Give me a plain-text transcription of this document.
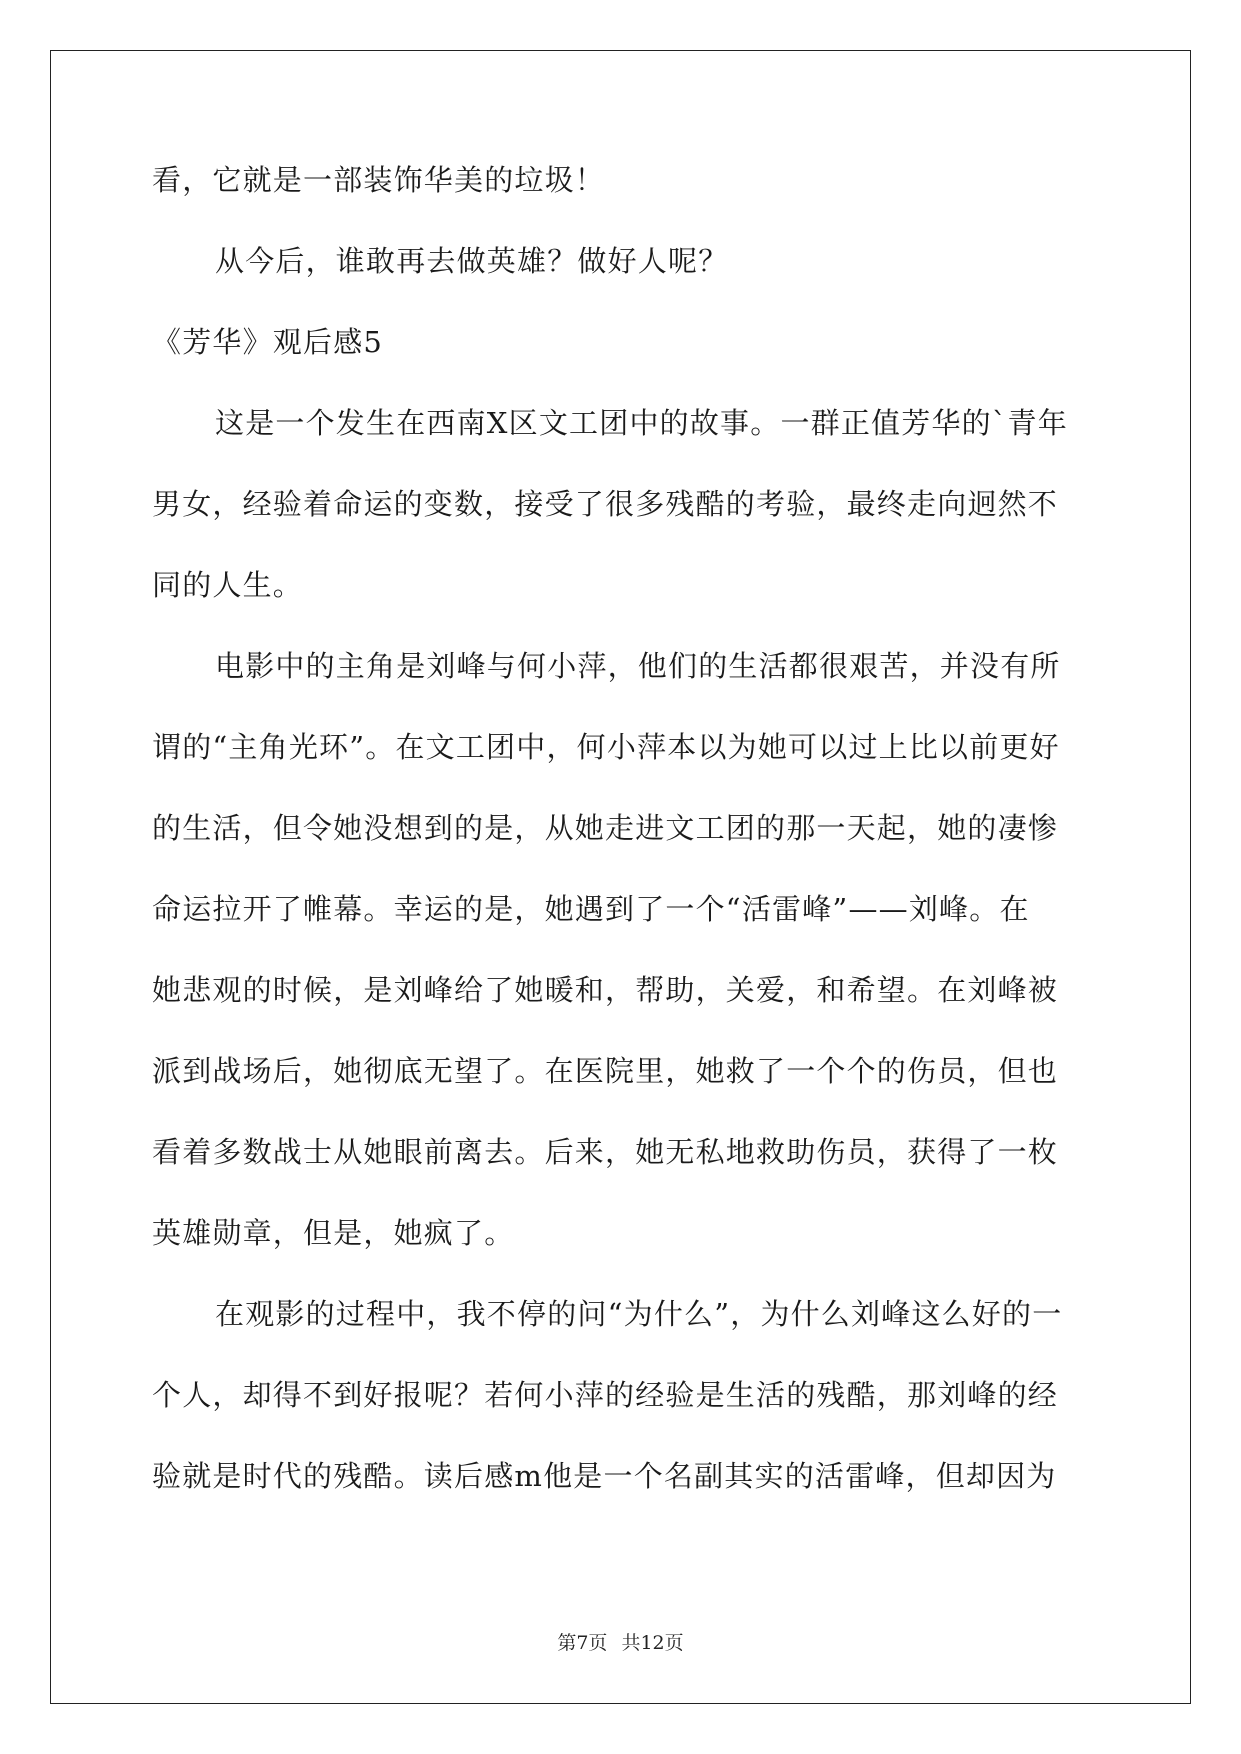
看，它就是一部装饰华美的垃圾！
从今后，谁敢再去做英雄？做好人呢？
《芳华》观后感5
这是一个发生在西南X区文工团中的故事。一群正值芳华的`青年
男女，经验着命运的变数，接受了很多残酷的考验，最终走向迥然不
同的人生。
电影中的主角是刘峰与何小萍，他们的生活都很艰苦，并没有所
谓的“主角光环”。在文工团中，何小萍本以为她可以过上比以前更好
的生活，但令她没想到的是，从她走进文工团的那一天起，她的凄惨
命运拉开了帷幕。幸运的是，她遇到了一个“活雷峰”——刘峰。在
她悲观的时候，是刘峰给了她暖和，帮助，关爱，和希望。在刘峰被
派到战场后，她彻底无望了。在医院里，她救了一个个的伤员，但也
看着多数战士从她眼前离去。后来，她无私地救助伤员，获得了一枚
英雄勋章，但是，她疯了。
在观影的过程中，我不停的问“为什么”，为什么刘峰这么好的一
个人，却得不到好报呢？若何小萍的经验是生活的残酷，那刘峰的经
验就是时代的残酷。读后感m他是一个名副其实的活雷峰，但却因为
第7页 共12页
